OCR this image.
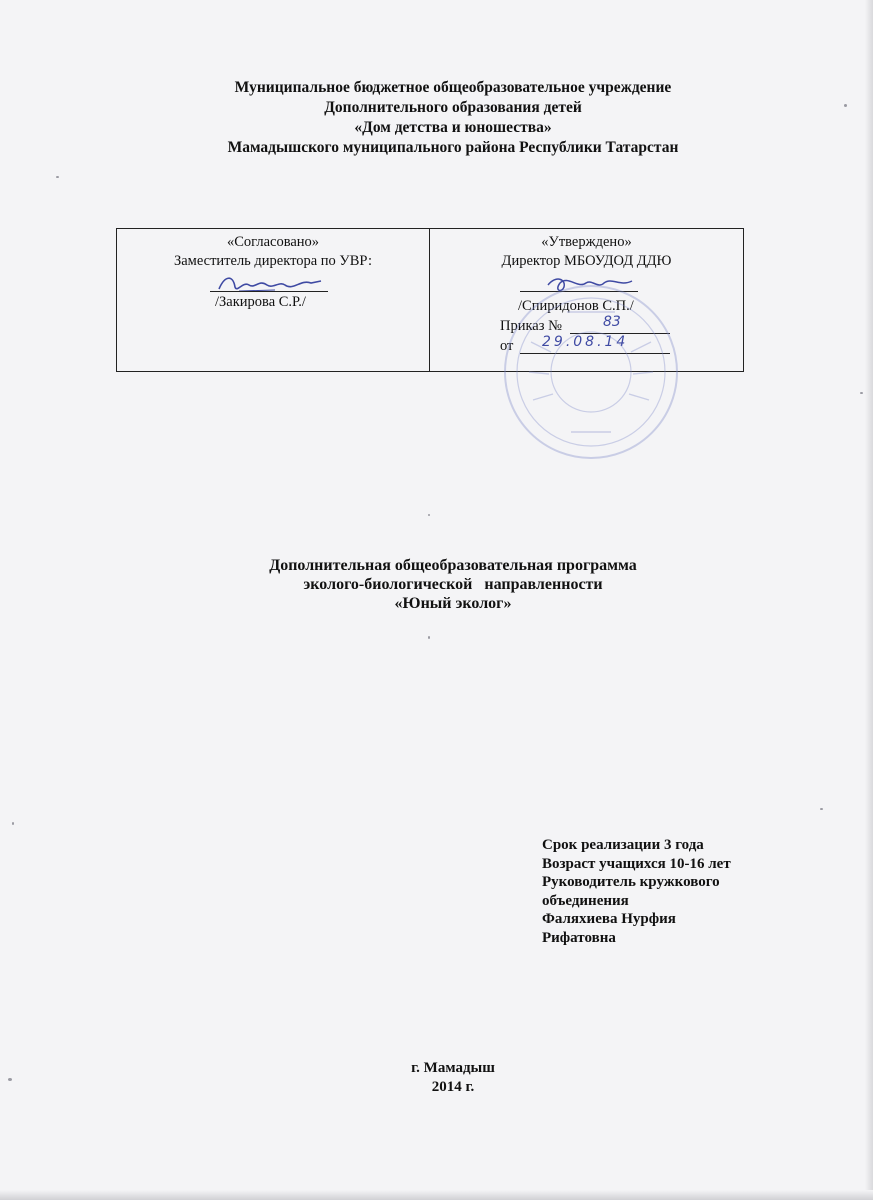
Муниципальное бюджетное общеобразовательное учреждение
Дополнительного образования детей
«Дом детства и юношества»
Мамадышского муниципального района Республики Татарстан
«Согласовано»
Заместитель директора по УВР:
/Закирова С.Р./
«Утверждено»
Директор МБОУДОД ДДЮ
/Спиридонов С.П./
Приказ №	83
от 29.08.14
Дополнительная общеобразовательная программа
эколого-биологической   направленности
«Юный эколог»
Срок реализации 3 года
Возраст учащихся 10-16 лет
Руководитель кружкового
объединения
Фаляхиева Нурфия
Рифатовна
г. Мамадыш
2014 г.
